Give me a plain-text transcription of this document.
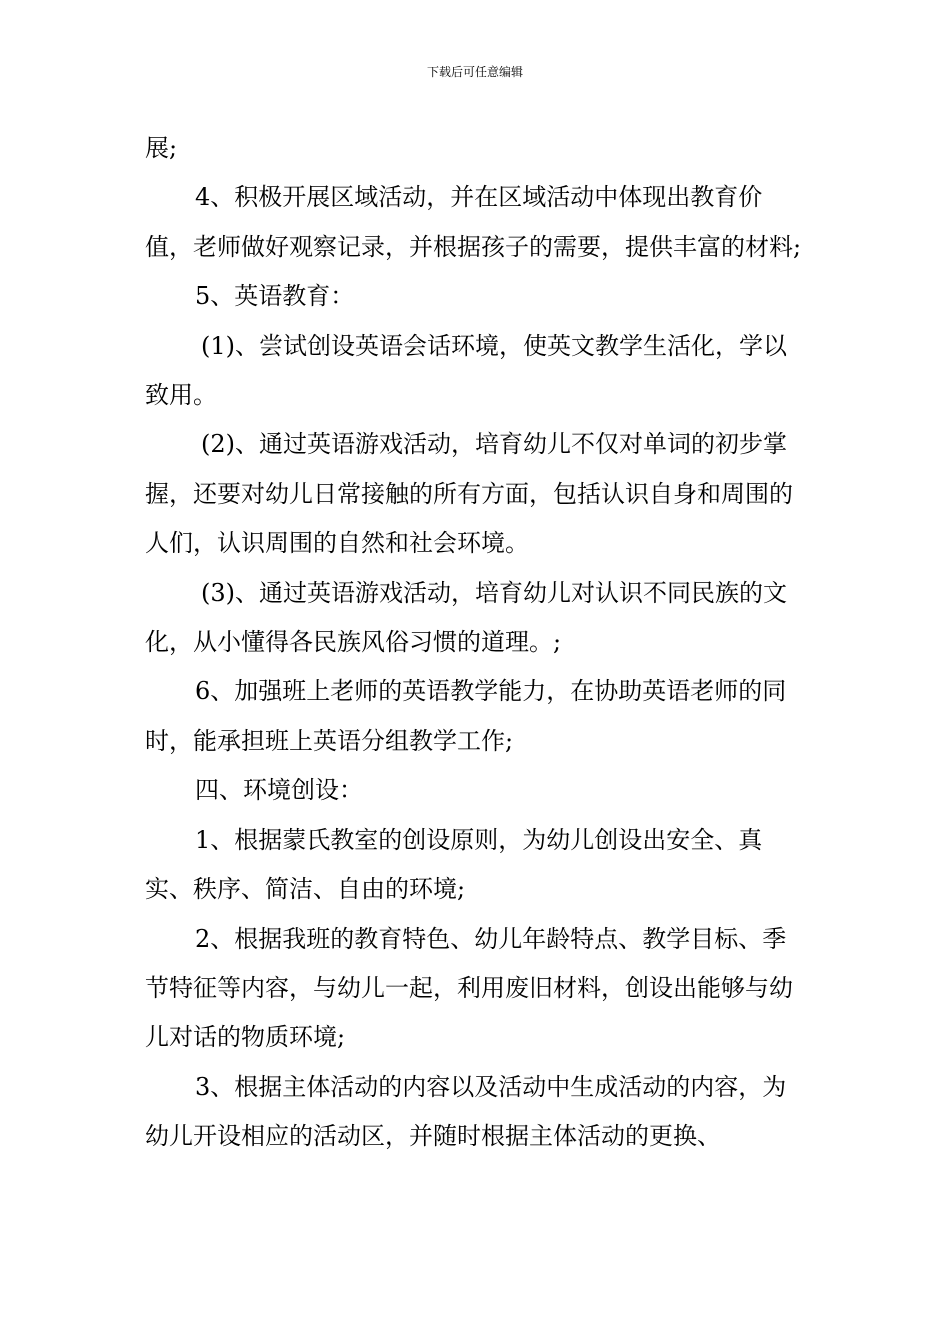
下载后可任意编辑

展;

4、积极开展区域活动，并在区域活动中体现出教育价值，老师做好观察记录，并根据孩子的需要，提供丰富的材料;

5、英语教育：

(1)、尝试创设英语会话环境，使英文教学生活化，学以致用。

(2)、通过英语游戏活动，培育幼儿不仅对单词的初步掌握，还要对幼儿日常接触的所有方面，包括认识自身和周围的人们，认识周围的自然和社会环境。

(3)、通过英语游戏活动，培育幼儿对认识不同民族的文化，从小懂得各民族风俗习惯的道理。;

6、加强班上老师的英语教学能力，在协助英语老师的同时，能承担班上英语分组教学工作;

四、环境创设：

1、根据蒙氏教室的创设原则，为幼儿创设出安全、真实、秩序、简洁、自由的环境;

2、根据我班的教育特色、幼儿年龄特点、教学目标、季节特征等内容，与幼儿一起，利用废旧材料，创设出能够与幼儿对话的物质环境;

3、根据主体活动的内容以及活动中生成活动的内容，为幼儿开设相应的活动区，并随时根据主体活动的更换、
